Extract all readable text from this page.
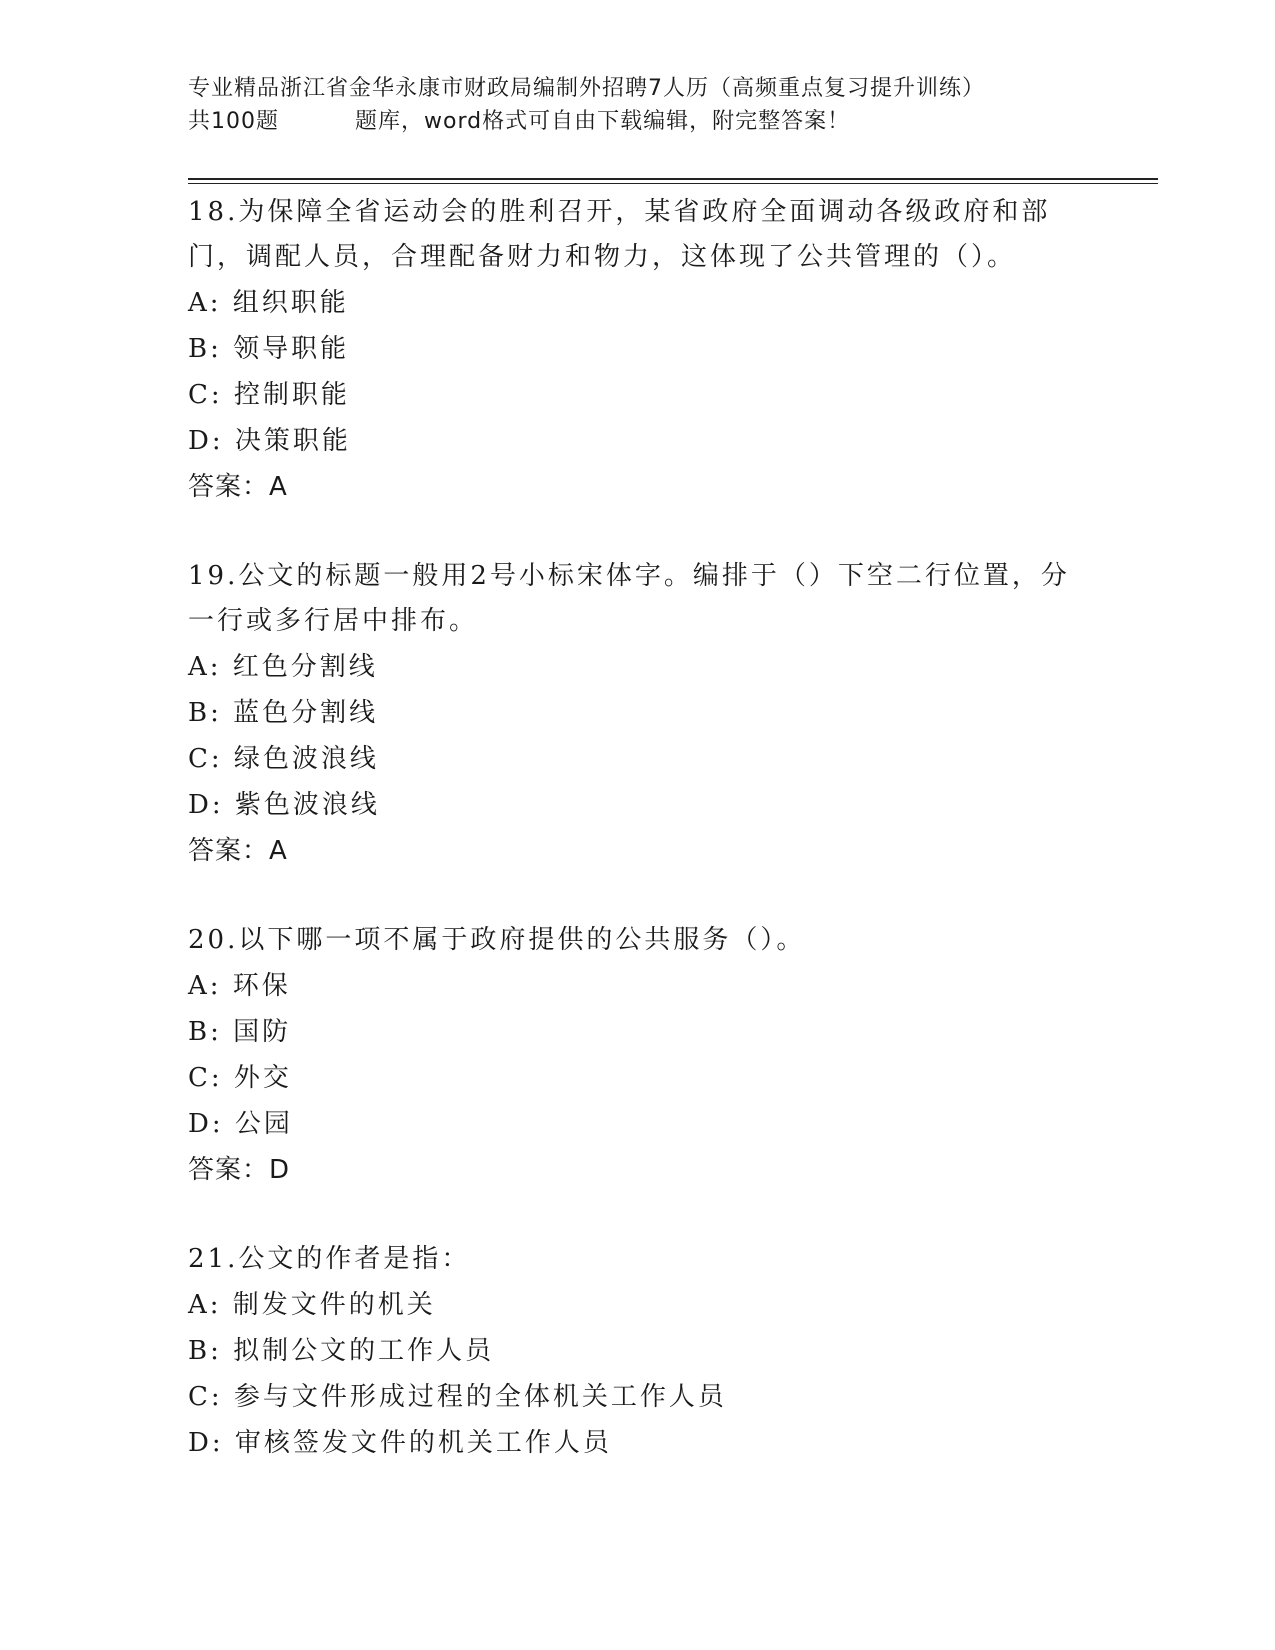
专业精品浙江省金华永康市财政局编制外招聘7人历（高频重点复习提升训练）
共100题	题库，word格式可自由下载编辑，附完整答案！

18.为保障全省运动会的胜利召开，某省政府全面调动各级政府和部门，调配人员，合理配备财力和物力，这体现了公共管理的（）。

A: 组织职能

B: 领导职能

C: 控制职能

D: 决策职能

答案：A

19.公文的标题一般用2号小标宋体字。编排于（）下空二行位置，分一行或多行居中排布。

A: 红色分割线

B: 蓝色分割线

C: 绿色波浪线

D: 紫色波浪线

答案：A

20.以下哪一项不属于政府提供的公共服务（）。

A: 环保

B: 国防

C: 外交

D: 公园

答案：D

21.公文的作者是指：

A: 制发文件的机关

B: 拟制公文的工作人员

C: 参与文件形成过程的全体机关工作人员

D: 审核签发文件的机关工作人员
